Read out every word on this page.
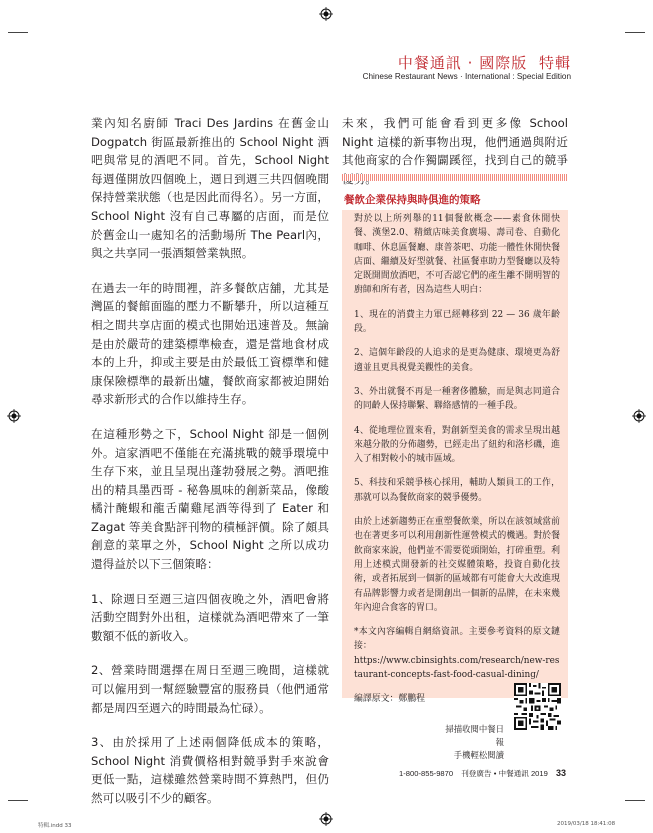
中餐通訊 · 國際版 特輯
Chinese Restaurant News · International : Special Edition

業內知名廚師 Traci Des Jardins 在舊金山 Dogpatch 街區最新推出的 School Night 酒吧與常見的酒吧不同。首先，School Night 每週僅開放四個晚上，週日到週三共四個晚間保持營業狀態（也是因此而得名）。另一方面，School Night 沒有自己專屬的店面，而是位於舊金山一處知名的活動場所 The Pearl內，與之共享同一張酒類營業執照。

在過去一年的時間裡，許多餐飲店舖，尤其是灣區的餐館面臨的壓力不斷攀升，所以這種互相之間共享店面的模式也開始迅速普及。無論是由於嚴苛的建築標準檢查，還是當地食材成本的上升，抑或主要是由於最低工資標準和健康保險標準的最新出爐，餐飲商家都被迫開始尋求新形式的合作以維持生存。

在這種形勢之下，School Night 卻是一個例外。這家酒吧不僅能在充滿挑戰的競爭環境中生存下來，並且呈現出蓬勃發展之勢。酒吧推出的精具墨西哥 - 秘魯風味的創新菜品，像酸橘汁醃蝦和龍舌蘭雞尾酒等得到了 Eater 和 Zagat 等美食點評刊物的積極評價。除了頗具創意的菜單之外，School Night 之所以成功還得益於以下三個策略：

1、除週日至週三這四個夜晚之外，酒吧會將活動空間對外出租，這樣就為酒吧帶來了一筆數額不低的新收入。

2、營業時間選擇在周日至週三晚間，這樣就可以僱用到一幫經驗豐富的服務員（他們通常都是周四至週六的時間最為忙碌）。

3、由於採用了上述兩個降低成本的策略，School Night 消費價格相對競爭對手來說會更低一點，這樣雖然營業時間不算熱門，但仍然可以吸引不少的顧客。

未來，我們可能會看到更多像 School Night 這樣的新事物出現，他們通過與附近其他商家的合作獨闢蹊徑，找到自己的競爭

餐飲企業保持與時俱進的策略

對於以上所列舉的11個餐飲概念——素食休閒快餐、漢堡2.0、精緻店味美食廣場、壽司卷、自動化咖啡、休息區餐廳、康普茶吧、功能一體性休閒快餐店面、繼續及好型就餐、社區餐車助力型餐廳以及特定既開間放酒吧，不可否認它們的產生離不開明智的廚師和所有者，因為這些人明白：

1、現在的消費主力軍已經轉移到 22 — 36 歲年齡段。

2、這個年齡段的人追求的是更為健康、環境更為舒適並且更具視覺美觀性的美食。

3、外出就餐不再是一種奢侈體驗，而是與志同道合的同齡人保持聯繫、聯絡感情的一種手段。

4、從地理位置來看，對創新型美食的需求呈現出越來越分散的分佈趨勢，已經走出了紐約和洛杉磯，進入了相對較小的城市區域。

5、科技和采競爭核心採用，輔助人類員工的工作，那就可以為餐飲商家的競爭優勢。

由於上述新趨勢正在重塑餐飲業，所以在該領域當前也在著更多可以利用創新性運營模式的機遇。對於餐飲商家來說，他們並不需要從頭開始，打碎重塑。利用上述模式開發新的社交媒體策略，投資自動化技術，或者拓展到一個新的區域都有可能會大大改進現有品牌影響力或者是開創出一個新的品牌，在未來幾年內迎合食客的胃口。

*本文內容編輯自網絡資訊。主要參考資料的原文鏈接：
https://www.cbinsights.com/research/new-restaurant-concepts-fast-food-casual-dining/

編譯原文：鄭鵬程

掃描收閱中餐日報
手機輕松閱讀
1-800-855-9870 刊登廣告 • 中餐通訊 2019 33
特輯.indd 33	2019/03/18 18:41:08
